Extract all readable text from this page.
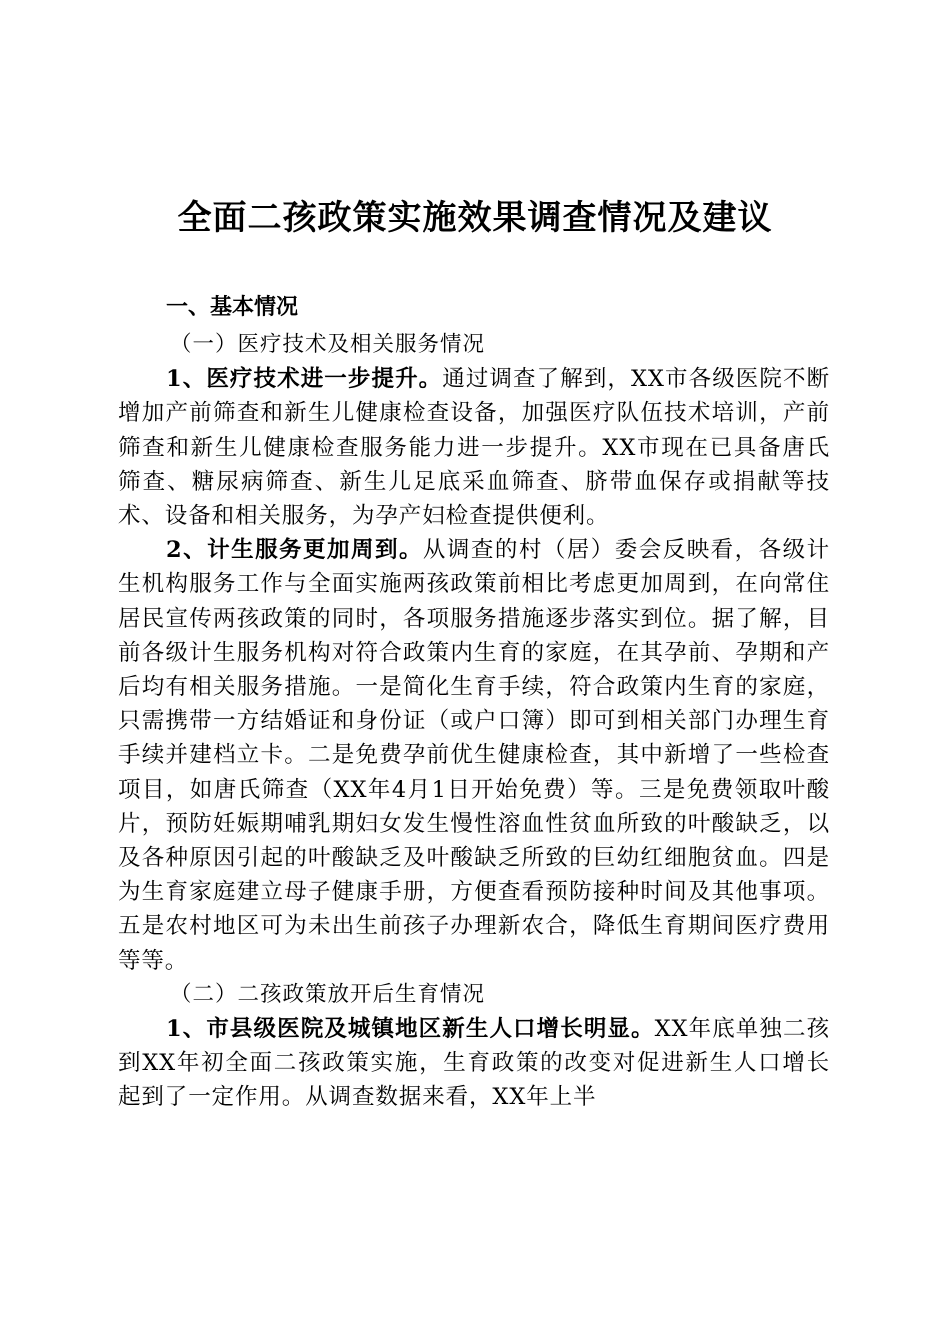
全面二孩政策实施效果调查情况及建议

一、基本情况

（一）医疗技术及相关服务情况

1、医疗技术进一步提升。通过调查了解到，XX市各级医院不断增加产前筛查和新生儿健康检查设备，加强医疗队伍技术培训，产前筛查和新生儿健康检查服务能力进一步提升。XX市现在已具备唐氏筛查、糖尿病筛查、新生儿足底采血筛查、脐带血保存或捐献等技术、设备和相关服务，为孕产妇检查提供便利。

2、计生服务更加周到。从调查的村（居）委会反映看，各级计生机构服务工作与全面实施两孩政策前相比考虑更加周到，在向常住居民宣传两孩政策的同时，各项服务措施逐步落实到位。据了解，目前各级计生服务机构对符合政策内生育的家庭，在其孕前、孕期和产后均有相关服务措施。一是简化生育手续，符合政策内生育的家庭，只需携带一方结婚证和身份证（或户口簿）即可到相关部门办理生育手续并建档立卡。二是免费孕前优生健康检查，其中新增了一些检查项目，如唐氏筛查（XX年4月1日开始免费）等。三是免费领取叶酸片，预防妊娠期哺乳期妇女发生慢性溶血性贫血所致的叶酸缺乏，以及各种原因引起的叶酸缺乏及叶酸缺乏所致的巨幼红细胞贫血。四是为生育家庭建立母子健康手册，方便查看预防接种时间及其他事项。五是农村地区可为未出生前孩子办理新农合，降低生育期间医疗费用等等。

（二）二孩政策放开后生育情况

1、市县级医院及城镇地区新生人口增长明显。XX年底单独二孩到XX年初全面二孩政策实施，生育政策的改变对促进新生人口增长起到了一定作用。从调查数据来看，XX年上半
